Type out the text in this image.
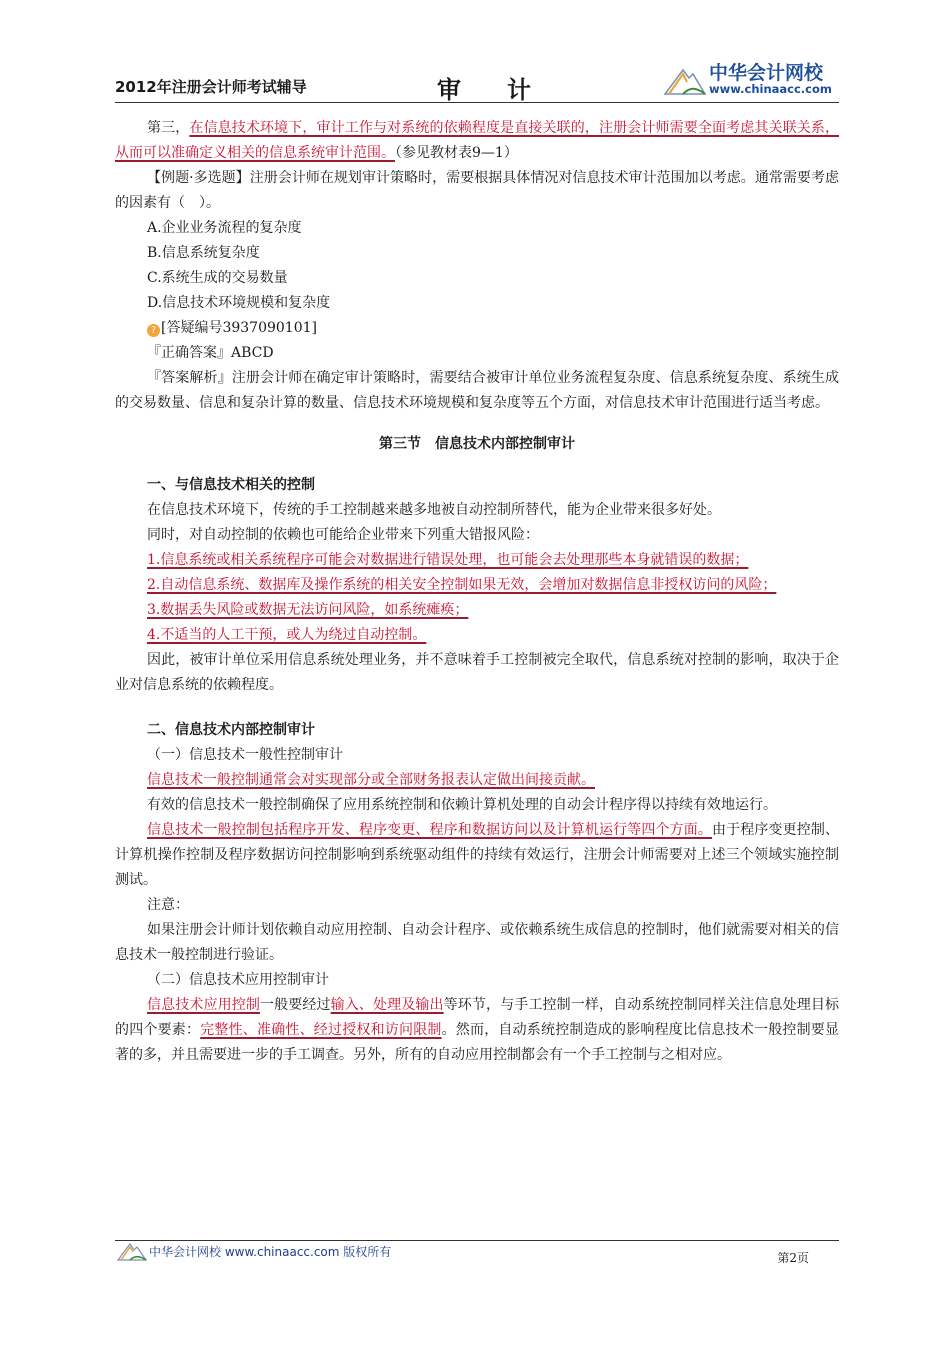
2012年注册会计师考试辅导	审计
中华会计网校
www.chinaacc.com

第三，在信息技术环境下，审计工作与对系统的依赖程度是直接关联的，注册会计师需要全面考虑其关联关系，从而可以准确定义相关的信息系统审计范围。（参见教材表9—1）

【例题·多选题】注册会计师在规划审计策略时，需要根据具体情况对信息技术审计范围加以考虑。通常需要考虑的因素有（　）。

A.企业业务流程的复杂度

B.信息系统复杂度

C.系统生成的交易数量

D.信息技术环境规模和复杂度

? [答疑编号3937090101]

『正确答案』ABCD

『答案解析』注册会计师在确定审计策略时，需要结合被审计单位业务流程复杂度、信息系统复杂度、系统生成的交易数量、信息和复杂计算的数量、信息技术环境规模和复杂度等五个方面，对信息技术审计范围进行适当考虑。

第三节　信息技术内部控制审计

一、与信息技术相关的控制

在信息技术环境下，传统的手工控制越来越多地被自动控制所替代，能为企业带来很多好处。

同时，对自动控制的依赖也可能给企业带来下列重大错报风险：

1.信息系统或相关系统程序可能会对数据进行错误处理，也可能会去处理那些本身就错误的数据；

2.自动信息系统、数据库及操作系统的相关安全控制如果无效，会增加对数据信息非授权访问的风险；

3.数据丢失风险或数据无法访问风险，如系统瘫痪；

4.不适当的人工干预，或人为绕过自动控制。

因此，被审计单位采用信息系统处理业务，并不意味着手工控制被完全取代，信息系统对控制的影响，取决于企业对信息系统的依赖程度。

二、信息技术内部控制审计

（一）信息技术一般性控制审计

信息技术一般控制通常会对实现部分或全部财务报表认定做出间接贡献。

有效的信息技术一般控制确保了应用系统控制和依赖计算机处理的自动会计程序得以持续有效地运行。

信息技术一般控制包括程序开发、程序变更、程序和数据访问以及计算机运行等四个方面。由于程序变更控制、计算机操作控制及程序数据访问控制影响到系统驱动组件的持续有效运行，注册会计师需要对上述三个领域实施控制测试。

注意：

如果注册会计师计划依赖自动应用控制、自动会计程序、或依赖系统生成信息的控制时，他们就需要对相关的信息技术一般控制进行验证。

（二）信息技术应用控制审计

信息技术应用控制一般要经过输入、处理及输出等环节，与手工控制一样，自动系统控制同样关注信息处理目标的四个要素：完整性、准确性、经过授权和访问限制。然而，自动系统控制造成的影响程度比信息技术一般控制要显著的多，并且需要进一步的手工调查。另外，所有的自动应用控制都会有一个手工控制与之相对应。

中华会计网校 www.chinaacc.com 版权所有	第2页
